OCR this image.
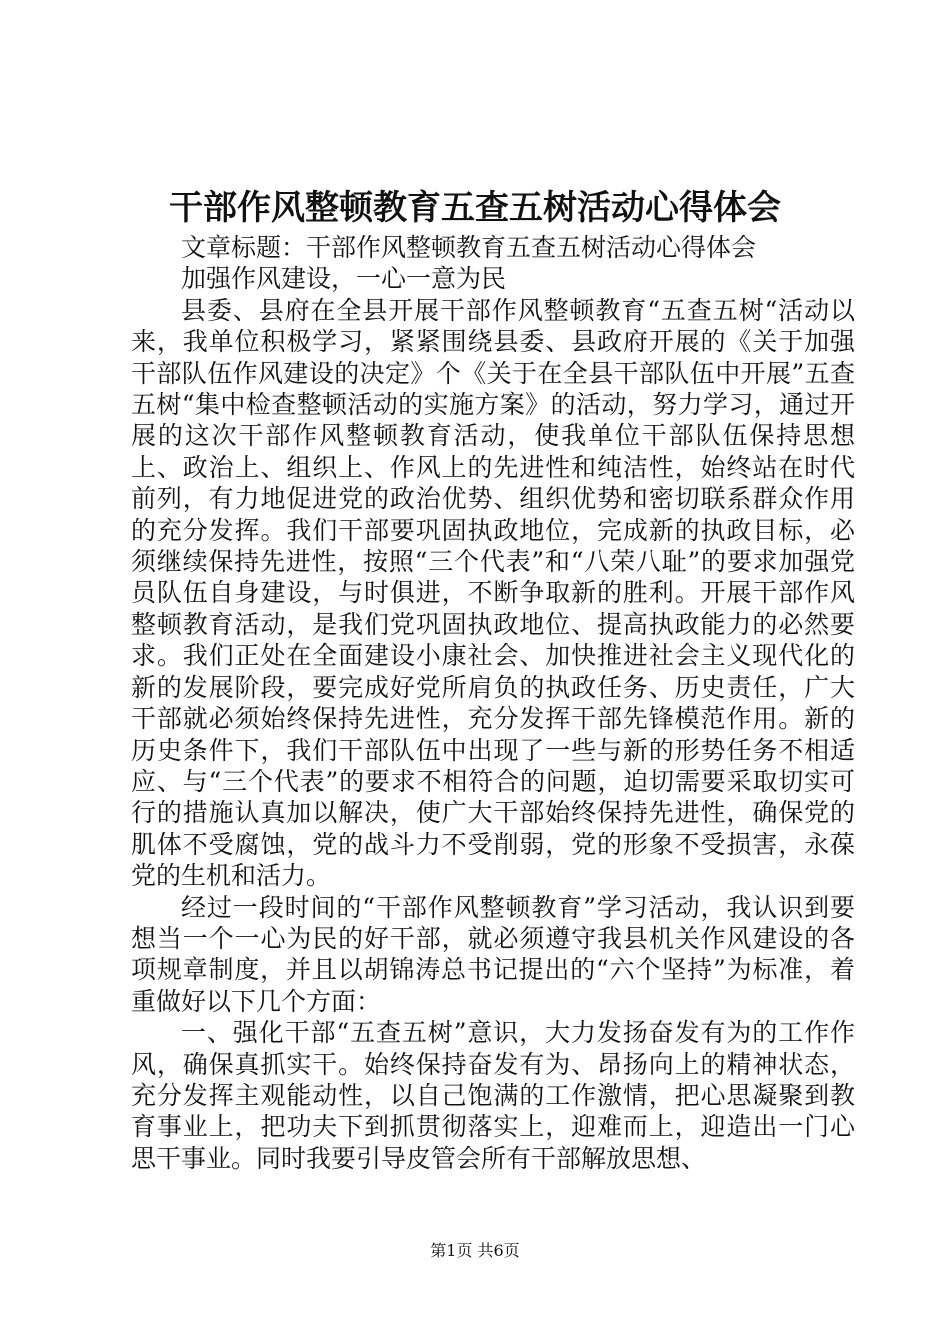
干部作风整顿教育五查五树活动心得体会

文章标题：干部作风整顿教育五查五树活动心得体会

加强作风建设，一心一意为民

县委、县府在全县开展干部作风整顿教育“五查五树“活动以来，我单位积极学习，紧紧围绕县委、县政府开展的《关于加强干部队伍作风建设的决定》个《关于在全县干部队伍中开展”五查五树“集中检查整顿活动的实施方案》的活动，努力学习，通过开展的这次干部作风整顿教育活动，使我单位干部队伍保持思想上、政治上、组织上、作风上的先进性和纯洁性，始终站在时代前列，有力地促进党的政治优势、组织优势和密切联系群众作用的充分发挥。我们干部要巩固执政地位，完成新的执政目标，必须继续保持先进性，按照“三个代表”和“八荣八耻”的要求加强党员队伍自身建设，与时俱进，不断争取新的胜利。开展干部作风整顿教育活动，是我们党巩固执政地位、提高执政能力的必然要求。我们正处在全面建设小康社会、加快推进社会主义现代化的新的发展阶段，要完成好党所肩负的执政任务、历史责任，广大干部就必须始终保持先进性，充分发挥干部先锋模范作用。新的历史条件下，我们干部队伍中出现了一些与新的形势任务不相适应、与“三个代表”的要求不相符合的问题，迫切需要采取切实可行的措施认真加以解决，使广大干部始终保持先进性，确保党的肌体不受腐蚀，党的战斗力不受削弱，党的形象不受损害，永葆党的生机和活力。

经过一段时间的“干部作风整顿教育”学习活动，我认识到要想当一个一心为民的好干部，就必须遵守我县机关作风建设的各项规章制度，并且以胡锦涛总书记提出的“六个坚持”为标准，着重做好以下几个方面：

一、强化干部“五查五树”意识，大力发扬奋发有为的工作作风，确保真抓实干。始终保持奋发有为、昂扬向上的精神状态，充分发挥主观能动性，以自己饱满的工作激情，把心思凝聚到教育事业上，把功夫下到抓贯彻落实上，迎难而上，迎造出一门心思干事业。同时我要引导皮管会所有干部解放思想、

第1页 共6页
